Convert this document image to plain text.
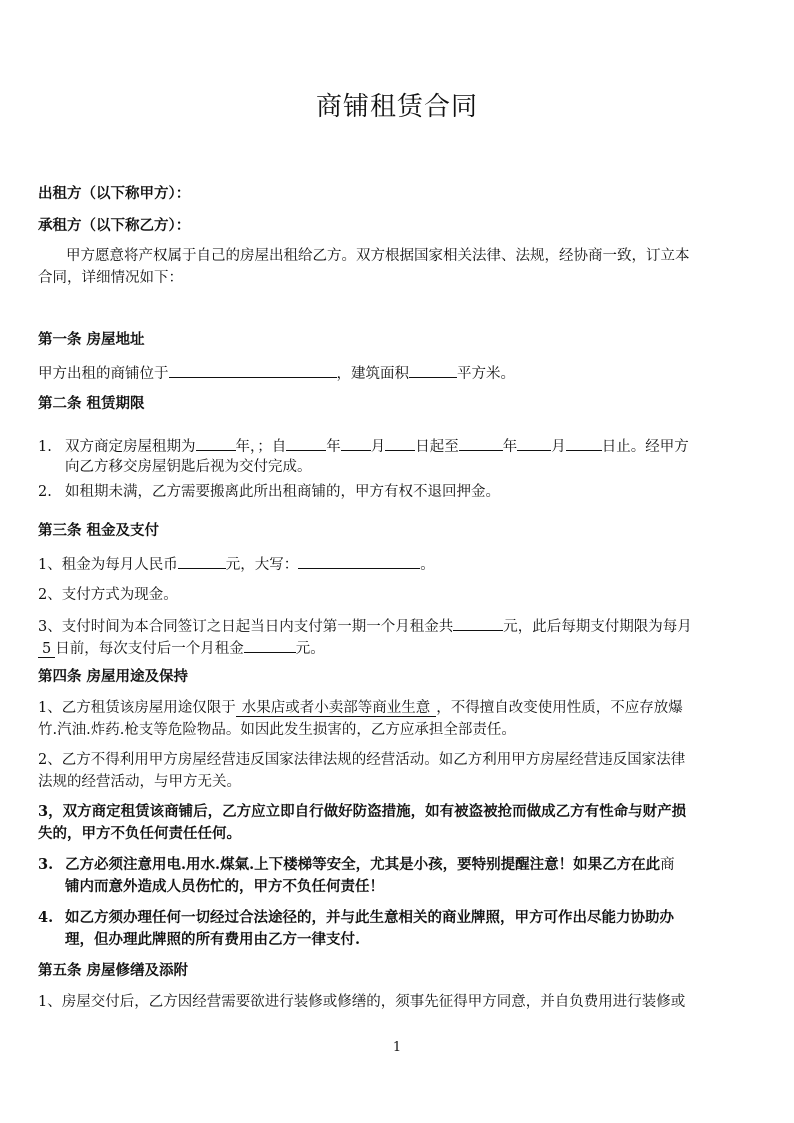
商铺租赁合同
出租方（以下称甲方）：
承租方（以下称乙方）：
甲方愿意将产权属于自己的房屋出租给乙方。双方根据国家相关法律、法规，经协商一致，订立本
合同，详细情况如下：
第一条 房屋地址
甲方出租的商铺位于	，建筑面积	平方米。
第二条 租赁期限
1. 双方商定房屋租期为	年，；自	年 月 日起至	年 月 日止。经甲方
向乙方移交房屋钥匙后视为交付完成。
2. 如租期未满，乙方需要搬离此所出租商铺的，甲方有权不退回押金。
第三条 租金及支付
1、租金为每月人民币	元，大写：	。
2、支付方式为现金。
3、支付时间为本合同签订之日起当日内支付第一期一个月租金共	元，此后每期支付期限为每月
5 日前，每次支付后一个月租金	元。
第四条 房屋用途及保持
1、乙方租赁该房屋用途仅限于 水果店或者小卖部等商业生意 ，不得擅自改变使用性质，不应存放爆
竹.汽油.炸药.枪支等危险物品。如因此发生损害的，乙方应承担全部责任。
2、乙方不得利用甲方房屋经营违反国家法律法规的经营活动。如乙方利用甲方房屋经营违反国家法律
法规的经营活动，与甲方无关。
3，双方商定租赁该商铺后，乙方应立即自行做好防盗措施，如有被盗被抢而做成乙方有性命与财产损
失的，甲方不负任何责任任何。
3. 乙方必须注意用电.用水.煤氣.上下楼梯等安全，尤其是小孩，要特别提醒注意！如果乙方在此商
铺内而意外造成人员伤忙的，甲方不负任何责任！
4. 如乙方须办理任何一切经过合法途径的，并与此生意相关的商业牌照，甲方可作出尽能力协助办
理，但办理此牌照的所有费用由乙方一律支付.
第五条 房屋修缮及添附
1、房屋交付后，乙方因经营需要欲进行装修或修缮的，须事先征得甲方同意，并自负费用进行装修或
1
